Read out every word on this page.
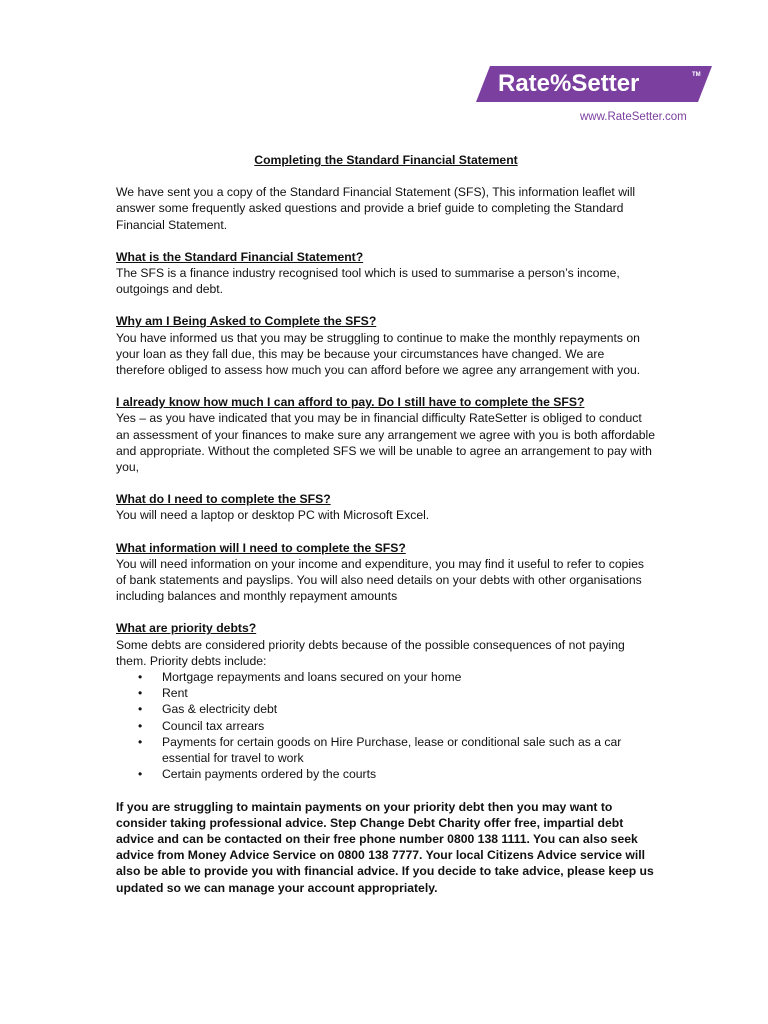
Rate%Setter	TM
www.RateSetter.com

Completing the Standard Financial Statement

We have sent you a copy of the Standard Financial Statement (SFS), This information leaflet will answer some frequently asked questions and provide a brief guide to completing the Standard Financial Statement.

What is the Standard Financial Statement?

The SFS is a finance industry recognised tool which is used to summarise a person’s income, outgoings and debt.

Why am I Being Asked to Complete the SFS?

You have informed us that you may be struggling to continue to make the monthly repayments on your loan as they fall due, this may be because your circumstances have changed. We are therefore obliged to assess how much you can afford before we agree any arrangement with you.

I already know how much I can afford to pay. Do I still have to complete the SFS?

Yes – as you have indicated that you may be in financial difficulty RateSetter is obliged to conduct an assessment of your finances to make sure any arrangement we agree with you is both affordable and appropriate. Without the completed SFS we will be unable to agree an arrangement to pay with you,

What do I need to complete the SFS?

You will need a laptop or desktop PC with Microsoft Excel.

What information will I need to complete the SFS?

You will need information on your income and expenditure, you may find it useful to refer to copies of bank statements and payslips. You will also need details on your debts with other organisations including balances and monthly repayment amounts

What are priority debts?

Some debts are considered priority debts because of the possible consequences of not paying them. Priority debts include:

• Mortgage repayments and loans secured on your home
• Rent
• Gas & electricity debt
• Council tax arrears
• Payments for certain goods on Hire Purchase, lease or conditional sale such as a car essential for travel to work
• Certain payments ordered by the courts

If you are struggling to maintain payments on your priority debt then you may want to consider taking professional advice. Step Change Debt Charity offer free, impartial debt advice and can be contacted on their free phone number 0800 138 1111. You can also seek advice from Money Advice Service on 0800 138 7777. Your local Citizens Advice service will also be able to provide you with financial advice. If you decide to take advice, please keep us updated so we can manage your account appropriately.
